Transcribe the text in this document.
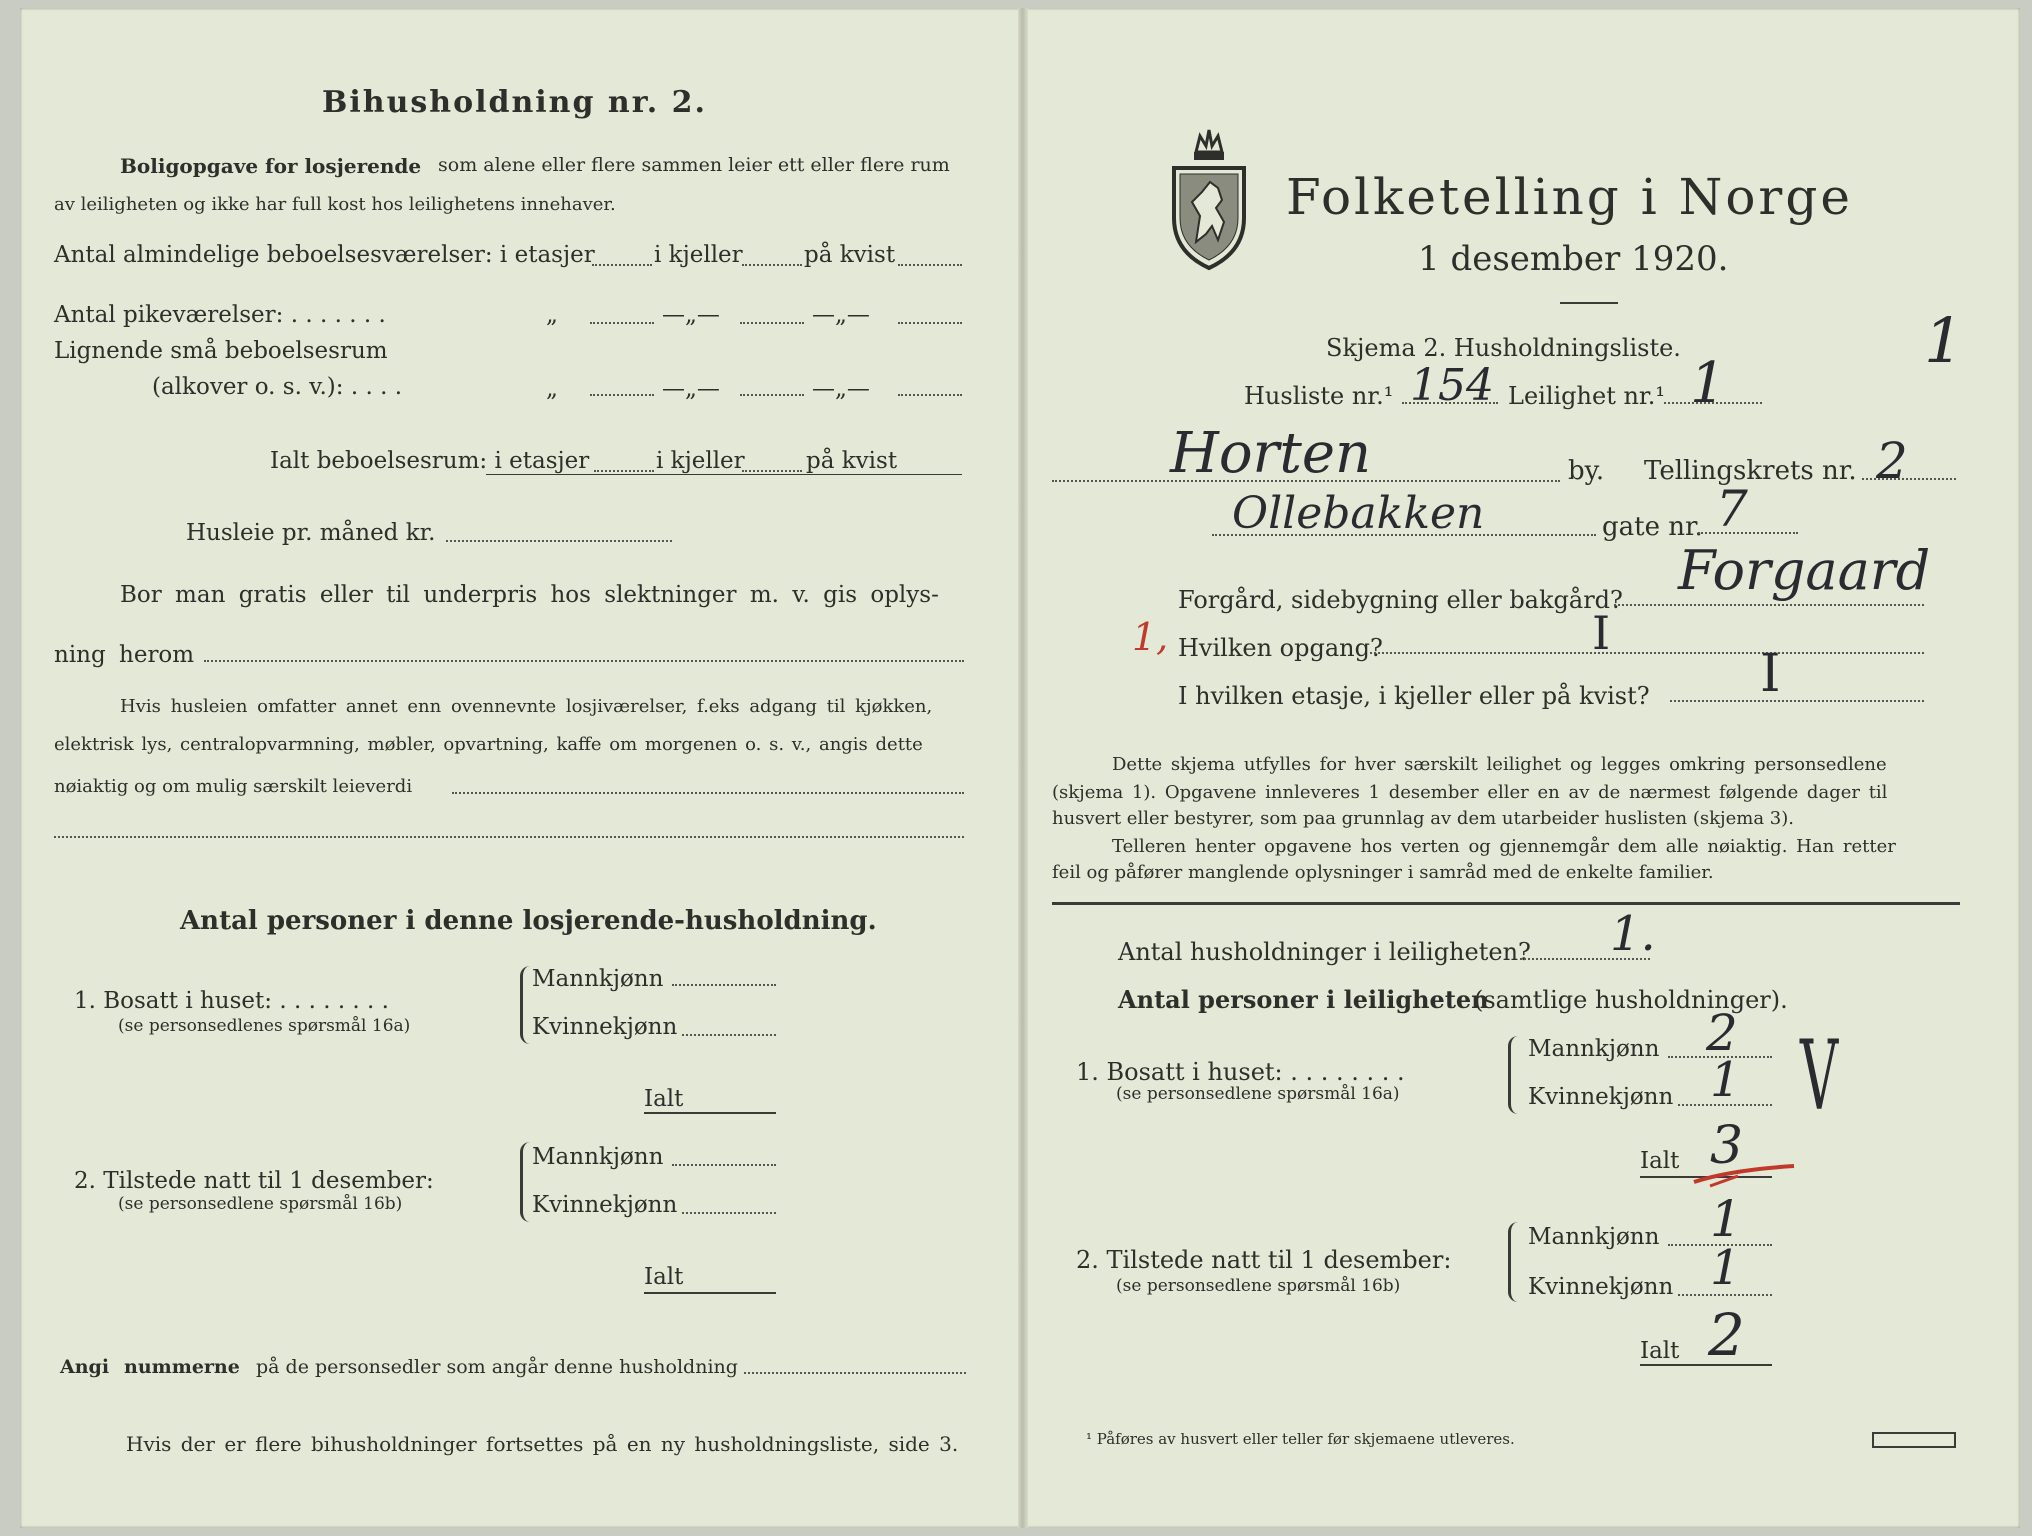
Bihusholdning nr. 2.
Boligopgave for losjerende som alene eller flere sammen leier ett eller flere rum
av leiligheten og ikke har full kost hos leilighetens innehaver.
Antal almindelige beboelsesværelser: i etasjer	i kjeller	på kvist
Antal pikeværelser: . . . . . . .	„	—„—	—„—
Lignende små beboelsesrum
(alkover o. s. v.): . . . .	„	—„—	—„—
Ialt beboelsesrum: i etasjer	i kjeller	på kvist
Husleie pr. måned kr.
Bor man gratis eller til underpris hos slektninger m. v. gis oplys-
ning herom
Hvis husleien omfatter annet enn ovennevnte losjiværelser, f.eks adgang til kjøkken,
elektrisk lys, centralopvarmning, møbler, opvartning, kaffe om morgenen o. s. v., angis dette
nøiaktig og om mulig særskilt leieverdi
Antal personer i denne losjerende-husholdning.
1. Bosatt i huset: . . . . . . . .
(se personsedlenes spørsmål 16a)
Mannkjønn
Kvinnekjønn
Ialt
2. Tilstede natt til 1 desember:
(se personsedlene spørsmål 16b)
Mannkjønn
Kvinnekjønn
Ialt
Angi nummerne på de personsedler som angår denne husholdning
Hvis der er flere bihusholdninger fortsettes på en ny husholdningsliste, side 3.
Folketelling i Norge
1 desember 1920.
Skjema 2. Husholdningsliste.	1
Husliste nr.¹ 154 Leilighet nr.¹ 1
Horten	by. Tellingskrets nr. 2
Ollebakken	gate nr. 7
Forgård, sidebygning eller bakgård? Forgaard
1, Hvilken opgang?	I
I hvilken etasje, i kjeller eller på kvist? I
Dette skjema utfylles for hver særskilt leilighet og legges omkring personsedlene
(skjema 1). Opgavene innleveres 1 desember eller en av de nærmest følgende dager til
husvert eller bestyrer, som paa grunnlag av dem utarbeider huslisten (skjema 3).
Telleren henter opgavene hos verten og gjennemgår dem alle nøiaktig. Han retter
feil og påfører manglende oplysninger i samråd med de enkelte familier.
Antal husholdninger i leiligheten? 1.
Antal personer i leiligheten
(samtlige husholdninger).
1. Bosatt i huset: . . . . . . . .
(se personsedlene spørsmål 16a)
Mannkjønn 2
Kvinnekjønn 1
Ialt 3
V
2. Tilstede natt til 1 desember:
(se personsedlene spørsmål 16b)
Mannkjønn 1
Kvinnekjønn 1
Ialt 2
¹ Påføres av husvert eller teller før skjemaene utleveres.
